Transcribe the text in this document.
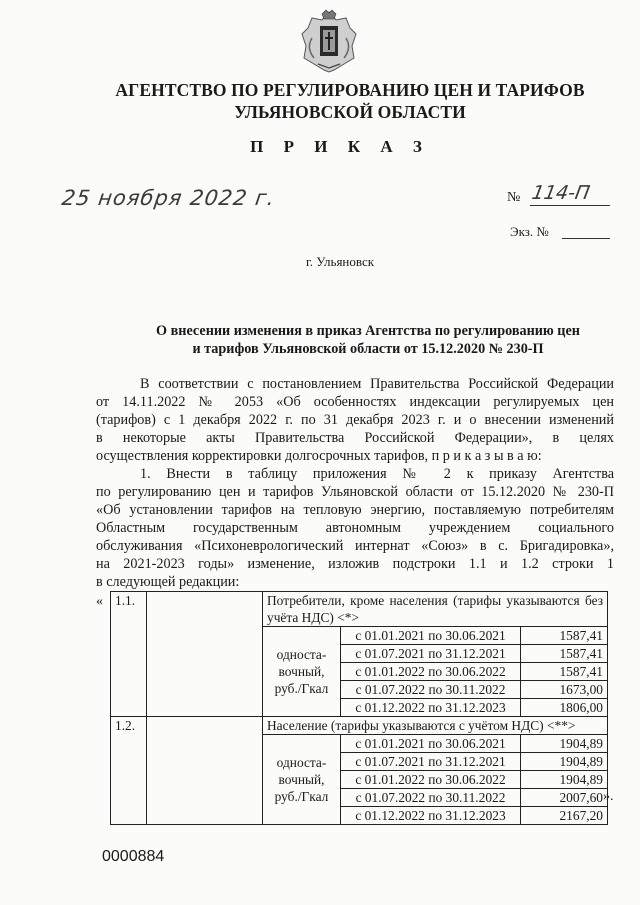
АГЕНТСТВО ПО РЕГУЛИРОВАНИЮ ЦЕН И ТАРИФОВ
УЛЬЯНОВСКОЙ ОБЛАСТИ
П Р И К А З
25 ноября 2022 г.	№ 114-П
Экз. №
г. Ульяновск
О внесении изменения в приказ Агентства по регулированию цен
и тарифов Ульяновской области от 15.12.2020 № 230-П
В соответствии с постановлением Правительства Российской Федерации
от 14.11.2022 № 2053 «Об особенностях индексации регулируемых цен
(тарифов) с 1 декабря 2022 г. по 31 декабря 2023 г. и о внесении изменений
в некоторые акты Правительства Российской Федерации», в целях
осуществления корректировки долгосрочных тарифов, п р и к а з ы в а ю:
1. Внести в таблицу приложения № 2 к приказу Агентства
по регулированию цен и тарифов Ульяновской области от 15.12.2020 № 230-П
«Об установлении тарифов на тепловую энергию, поставляемую потребителям
Областным государственным автономным учреждением социального
обслуживания «Психоневрологический интернат «Союз» в с. Бригадировка»,
на 2021-2023 годы» изменение, изложив подстроки 1.1 и 1.2 строки 1
в следующей редакции:
« 1.1.		Потребители, кроме населения (тарифы указываются без учёта НДС) <*>		
		односта-
вочный,
руб./Гкал	с 01.01.2021 по 30.06.2021	1587,41
			с 01.07.2021 по 31.12.2021	1587,41
			с 01.01.2022 по 30.06.2022	1587,41
			с 01.07.2022 по 30.11.2022	1673,00
			с 01.12.2022 по 31.12.2023	1806,00
1.2.		Население (тарифы указываются с учётом НДС) <**>		
		односта-
вочный,
руб./Гкал	с 01.01.2021 по 30.06.2021	1904,89
			с 01.07.2021 по 31.12.2021	1904,89
			с 01.01.2022 по 30.06.2022	1904,89
			с 01.07.2022 по 30.11.2022	2007,60
			с 01.12.2022 по 31.12.2023	2167,20
».
0000884
